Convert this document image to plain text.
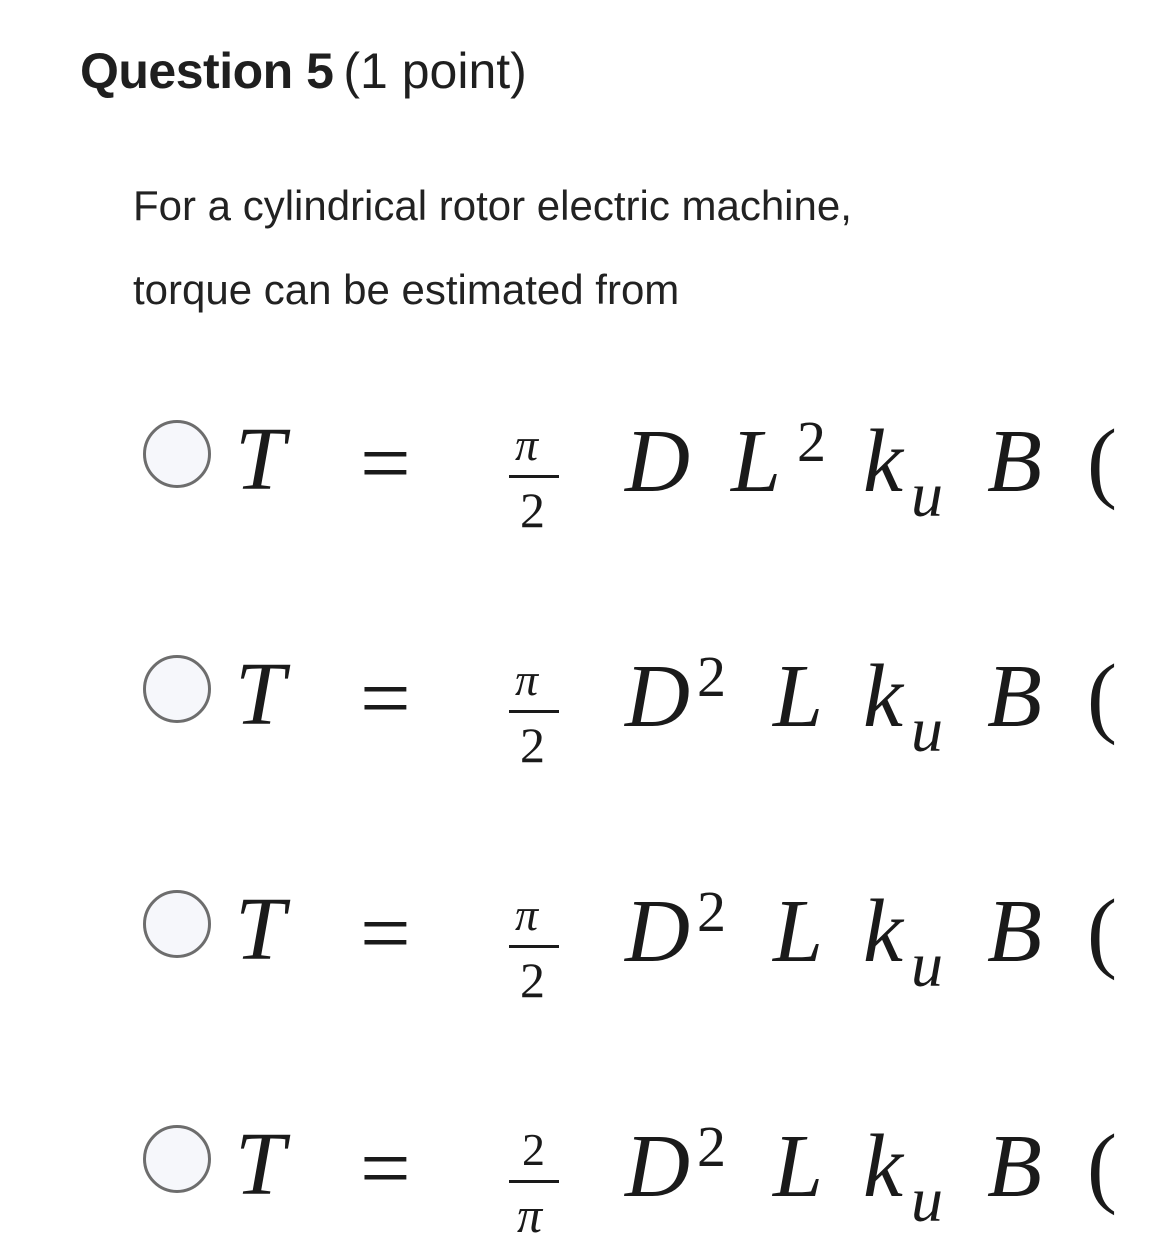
Question 5 (1 point)
For a cylindrical rotor electric machine,
torque can be estimated from
T = π
2 D L 2 k u B (
T = π
2 D 2 L k u B (
T = π
2 D 2 L k u B (
T = 2
π D 2 L k u B (
